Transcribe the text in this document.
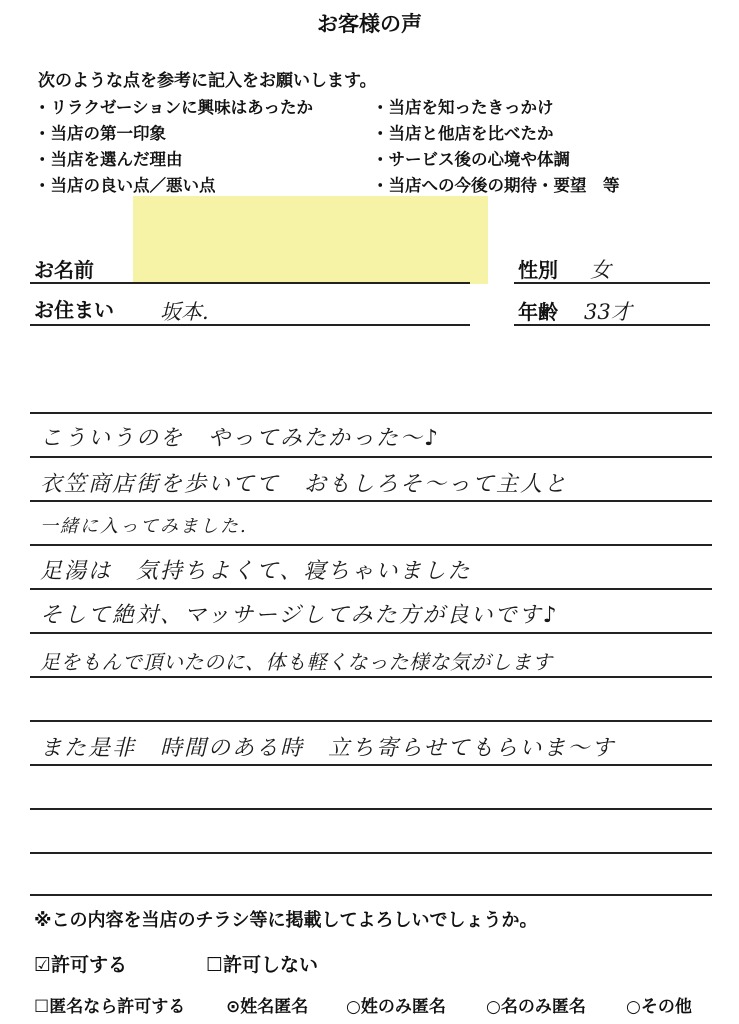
お客様の声
次のような点を参考に記入をお願いします。
・リラクゼーションに興味はあったか
・当店の第一印象
・当店を選んだ理由
・当店の良い点／悪い点
・当店を知ったきっかけ
・当店と他店を比べたか
・サービス後の心境や体調
・当店への今後の期待・要望　等
お名前
お住まい 坂本.
性別 女
年齢 33才
こういうのを　やってみたかった〜♪
衣笠商店街を歩いてて　おもしろそ〜って主人と
一緒に入ってみました.
足湯は　気持ちよくて、寝ちゃいました
そして絶対、マッサージしてみた方が良いです♪
足をもんで頂いたのに、体も軽くなった様な気がします
また是非　時間のある時　立ち寄らせてもらいま〜す
※この内容を当店のチラシ等に掲載してよろしいでしょうか。
☑許可する	☐許可しない
☐匿名なら許可する ⊙姓名匿名 ○姓のみ匿名 ○名のみ匿名 ○その他
